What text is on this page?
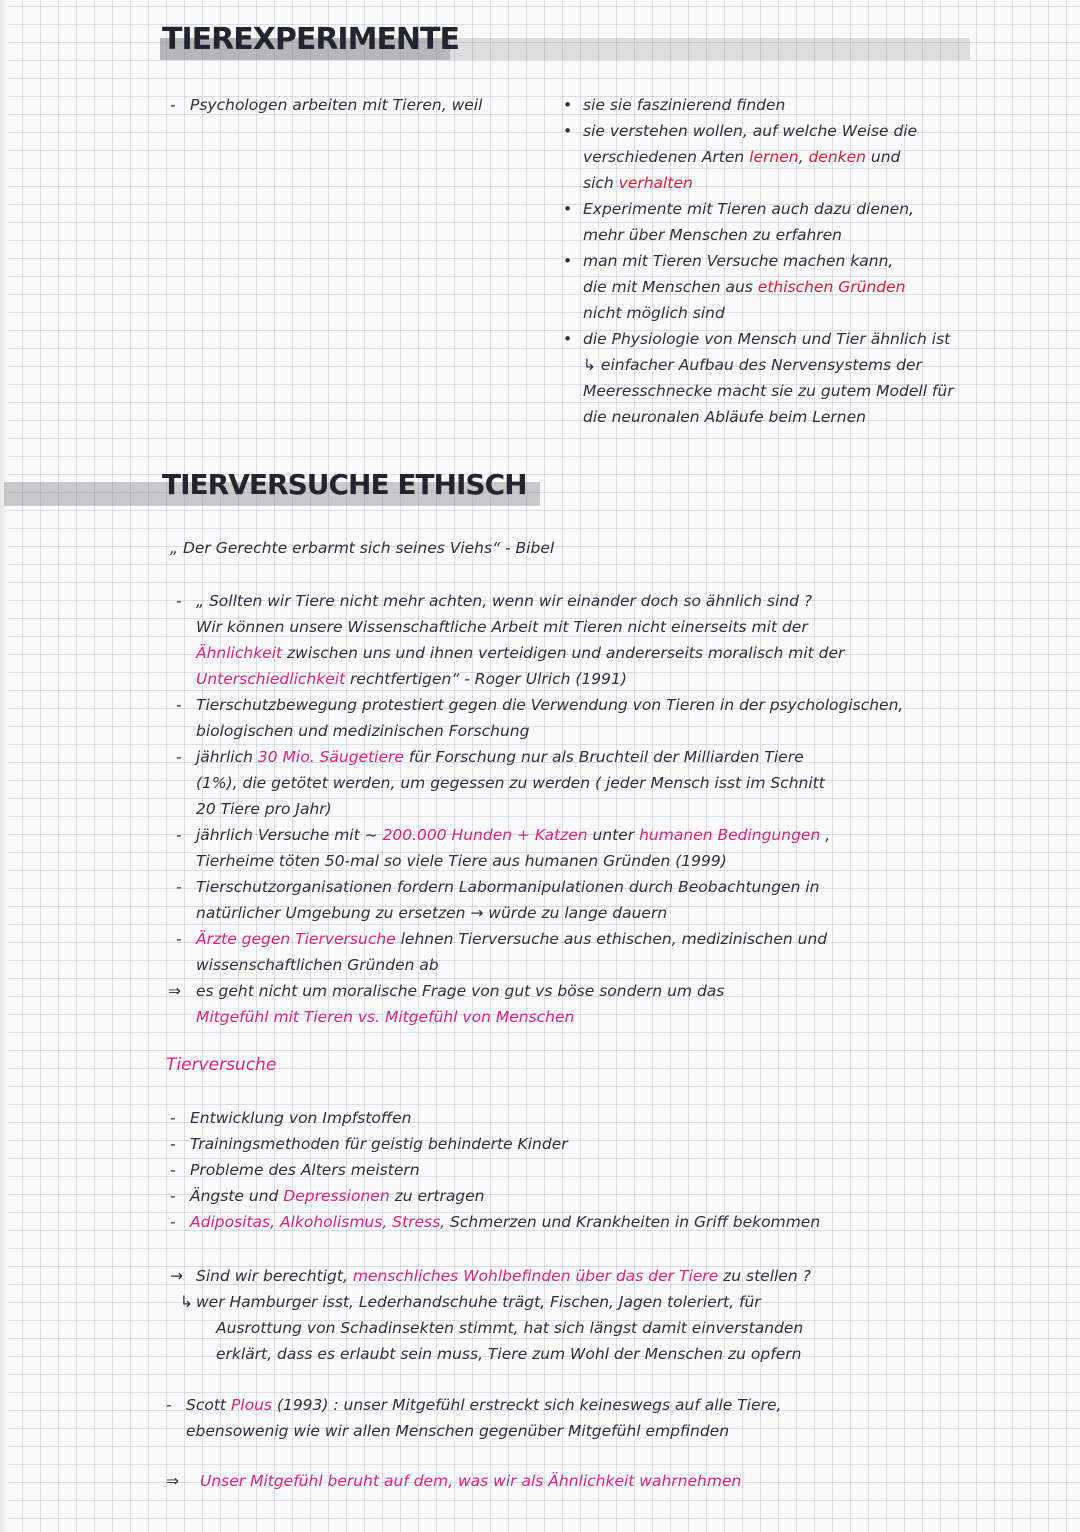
TIEREXPERIMENTE
- Psychologen arbeiten mit Tieren, weil
•	sie sie faszinierend finden
• sie verstehen wollen, auf welche Weise die
verschiedenen Arten lernen, denken und
sich verhalten
• Experimente mit Tieren auch dazu dienen,
mehr über Menschen zu erfahren
• man mit Tieren Versuche machen kann,
die mit Menschen aus ethischen Gründen
nicht möglich sind
• die Physiologie von Mensch und Tier ähnlich ist
↳ einfacher Aufbau des Nervensystems der
Meeresschnecke macht sie zu gutem Modell für
die neuronalen Abläufe beim Lernen
TIERVERSUCHE ETHISCH
„ Der Gerechte erbarmt sich seines Viehs“ - Bibel
- „ Sollten wir Tiere nicht mehr achten, wenn wir einander doch so ähnlich sind ?
Wir können unsere Wissenschaftliche Arbeit mit Tieren nicht einerseits mit der
Ähnlichkeit zwischen uns und ihnen verteidigen und andererseits moralisch mit der
Unterschiedlichkeit rechtfertigen“ - Roger Ulrich (1991)
- Tierschutzbewegung protestiert gegen die Verwendung von Tieren in der psychologischen,
biologischen und medizinischen Forschung
- jährlich 30 Mio. Säugetiere für Forschung nur als Bruchteil der Milliarden Tiere
(1%), die getötet werden, um gegessen zu werden ( jeder Mensch isst im Schnitt
20 Tiere pro Jahr)
- jährlich Versuche mit ~ 200.000 Hunden + Katzen unter humanen Bedingungen ,
Tierheime töten 50-mal so viele Tiere aus humanen Gründen (1999)
- Tierschutzorganisationen fordern Labormanipulationen durch Beobachtungen in
natürlicher Umgebung zu ersetzen → würde zu lange dauern
- Ärzte gegen Tierversuche lehnen Tierversuche aus ethischen, medizinischen und
wissenschaftlichen Gründen ab
⇒ es geht nicht um moralische Frage von gut vs böse sondern um das
Mitgefühl mit Tieren vs. Mitgefühl von Menschen
Tierversuche
- Entwicklung von Impfstoffen
- Trainingsmethoden für geistig behinderte Kinder
- Probleme des Alters meistern
- Ängste und Depressionen zu ertragen
- Adipositas, Alkoholismus, Stress, Schmerzen und Krankheiten in Griff bekommen
→ Sind wir berechtigt, menschliches Wohlbefinden über das der Tiere zu stellen ?
↳ wer Hamburger isst, Lederhandschuhe trägt, Fischen, Jagen toleriert, für
Ausrottung von Schadinsekten stimmt, hat sich längst damit einverstanden
erklärt, dass es erlaubt sein muss, Tiere zum Wohl der Menschen zu opfern
- Scott Plous (1993) : unser Mitgefühl erstreckt sich keineswegs auf alle Tiere,
ebensowenig wie wir allen Menschen gegenüber Mitgefühl empfinden
⇒ Unser Mitgefühl beruht auf dem, was wir als Ähnlichkeit wahrnehmen
